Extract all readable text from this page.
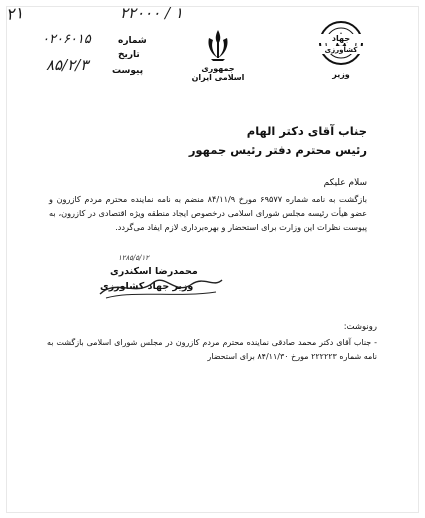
۲۱	۲۲۰۰۰ / ۱
شماره
۰۲۰۶۰۱۵
تاریخ
۸۵/۲/۳	پیوست	جمهوری اسلامی ایران
جهاد
کشاورزی
وزیر
جناب آقای دکتر الهام
رئیس محترم دفتر رئیس جمهور
سلام علیکم
بازگشت به نامه شماره ۶۹۵۷۷ مورخ ۸۴/۱۱/۹ منضم به نامه نماینده محترم مردم کازرون و عضو هیأت رئیسه مجلس شورای اسلامی درخصوص ایجاد منطقه ویژه اقتصادی در کازرون، به پیوست نظرات این وزارت برای استحضار و بهره‌برداری لازم ایفاد می‌گردد.
۱۲۸۵/۵/۱۲
محمدرضا اسکندری
وزیر جهاد کشاورزی
رونوشت:
- جناب آقای دکتر محمد صادقی نماینده محترم مردم کازرون در مجلس شورای اسلامی بازگشت به نامه شماره ۲۲۲۲۲۳ مورخ ۸۴/۱۱/۳۰ برای استحضار
